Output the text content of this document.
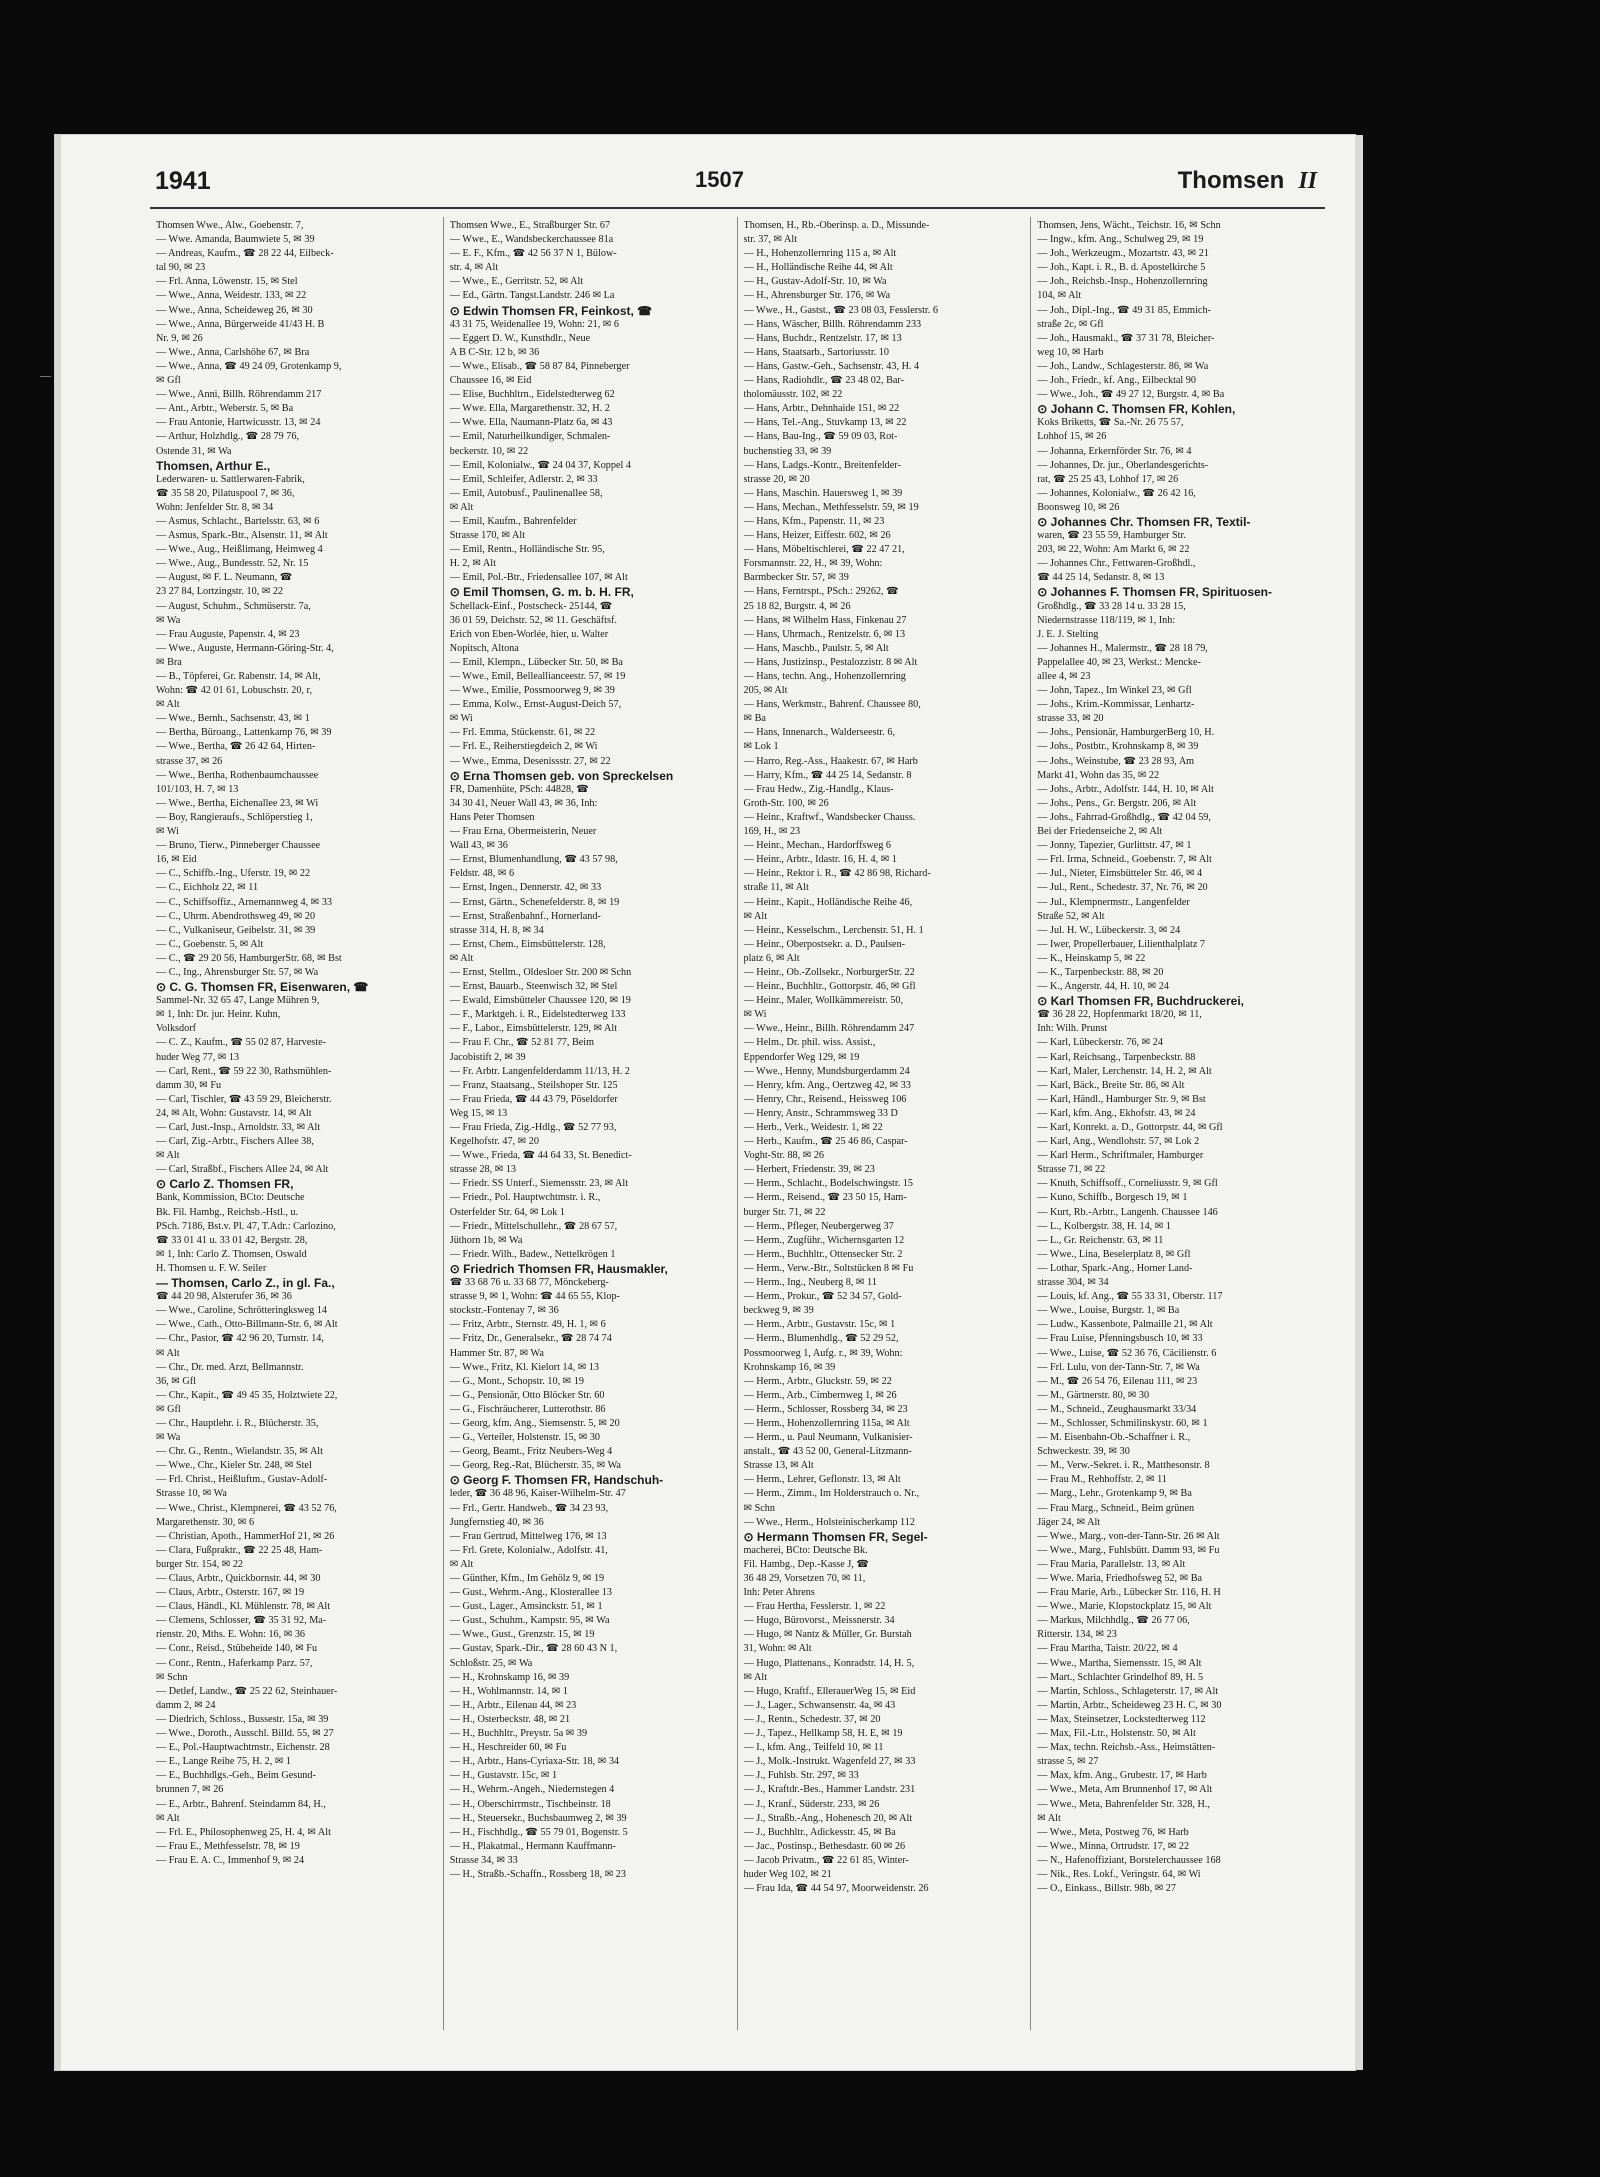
1941	1507	Thomsen II

Thomsen Wwe., Alw., Goebenstr. 7,

— Wwe. Amanda, Baumwiete 5, ✉ 39

— Andreas, Kaufm., ☎ 28 22 44, Eilbeck-

tal 90, ✉ 23

— Frl. Anna, Löwenstr. 15, ✉ Stel

— Wwe., Anna, Weidestr. 133, ✉ 22

— Wwe., Anna, Scheideweg 26, ✉ 30

— Wwe., Anna, Bürgerweide 41/43 H. B

Nr. 9, ✉ 26

— Wwe., Anna, Carlshöhe 67, ✉ Bra

— Wwe., Anna, ☎ 49 24 09, Grotenkamp 9,

✉ Gfl

— Wwe., Anni, Billh. Röhrendamm 217

— Ant., Arbtr., Weberstr. 5, ✉ Ba

— Frau Antonie, Hartwicusstr. 13, ✉ 24

— Arthur, Holzhdlg., ☎ 28 79 76,

Ostende 31, ✉ Wa

Thomsen, Arthur E.,

Lederwaren- u. Sattlerwaren-Fabrik,

☎ 35 58 20, Pilatuspool 7, ✉ 36,

Wohn: Jenfelder Str. 8, ✉ 34

— Asmus, Schlacht., Bartelsstr. 63, ✉ 6

— Asmus, Spark.-Btr., Alsenstr. 11, ✉ Alt

— Wwe., Aug., Heißlimang, Heimweg 4

— Wwe., Aug., Bundesstr. 52, Nr. 15

— August, ✉ F. L. Neumann, ☎

23 27 84, Lortzingstr. 10, ✉ 22

— August, Schuhm., Schmüserstr. 7a,

✉ Wa

— Frau Auguste, Papenstr. 4, ✉ 23

— Wwe., Auguste, Hermann-Göring-Str. 4,

✉ Bra

— B., Töpferei, Gr. Rabenstr. 14, ✉ Alt,

Wohn: ☎ 42 01 61, Lobuschstr. 20, r,

✉ Alt

— Wwe., Bernh., Sachsenstr. 43, ✉ 1

— Bertha, Büroang., Lattenkamp 76, ✉ 39

— Wwe., Bertha, ☎ 26 42 64, Hirten-

strasse 37, ✉ 26

— Wwe., Bertha, Rothenbaumchaussee

101/103, H. 7, ✉ 13

— Wwe., Bertha, Eichenallee 23, ✉ Wi

— Boy, Rangieraufs., Schlöperstieg 1,

✉ Wi

— Bruno, Tierw., Pinneberger Chaussee

16, ✉ Eid

— C., Schiffb.-Ing., Uferstr. 19, ✉ 22

— C., Eichholz 22, ✉ 11

— C., Schiffsoffiz., Arnemannweg 4, ✉ 33

— C., Uhrm. Abendrothsweg 49, ✉ 20

— C., Vulkaniseur, Geibelstr. 31, ✉ 39

— C., Goebenstr. 5, ✉ Alt

— C., ☎ 29 20 56, HamburgerStr. 68, ✉ Bst

— C., Ing., Ahrensburger Str. 57, ✉ Wa

⊙ C. G. Thomsen FR, Eisenwaren, ☎

Sammel-Nr. 32 65 47, Lange Mühren 9,

✉ 1, Inh: Dr. jur. Heinr. Kuhn,

Volksdorf

— C. Z., Kaufm., ☎ 55 02 87, Harveste-

huder Weg 77, ✉ 13

— Carl, Rent., ☎ 59 22 30, Rathsmühlen-

damm 30, ✉ Fu

— Carl, Tischler, ☎ 43 59 29, Bleicherstr.

24, ✉ Alt, Wohn: Gustavstr. 14, ✉ Alt

— Carl, Just.-Insp., Arnoldstr. 33, ✉ Alt

— Carl, Zig.-Arbtr., Fischers Allee 38,

✉ Alt

— Carl, Straßbf., Fischers Allee 24, ✉ Alt

⊙ Carlo Z. Thomsen FR,

Bank, Kommission, BCto: Deutsche

Bk. Fil. Hambg., Reichsb.-Hstl., u.

PSch. 7186, Bst.v. Pl. 47, T.Adr.: Carlozino,

☎ 33 01 41 u. 33 01 42, Bergstr. 28,

✉ 1, Inh: Carlo Z. Thomsen, Oswald

H. Thomsen u. F. W. Seiler

— Thomsen, Carlo Z., in gl. Fa.,

☎ 44 20 98, Alsterufer 36, ✉ 36

— Wwe., Caroline, Schrötteringksweg 14

— Wwe., Cath., Otto-Billmann-Str. 6, ✉ Alt

— Chr., Pastor, ☎ 42 96 20, Turnstr. 14,

✉ Alt

— Chr., Dr. med. Arzt, Bellmannstr.

36, ✉ Gfl

— Chr., Kapit., ☎ 49 45 35, Holztwiete 22,

✉ Gfl

— Chr., Hauptlehr. i. R., Blücherstr. 35,

✉ Wa

— Chr. G., Rentn., Wielandstr. 35, ✉ Alt

— Wwe., Chr., Kieler Str. 248, ✉ Stel

— Frl. Christ., Heißluftm., Gustav-Adolf-

Strasse 10, ✉ Wa

— Wwe., Christ., Klempnerei, ☎ 43 52 76,

Margarethenstr. 30, ✉ 6

— Christian, Apoth., HammerHof 21, ✉ 26

— Clara, Fußpraktr., ☎ 22 25 48, Ham-

burger Str. 154, ✉ 22

— Claus, Arbtr., Quickbornstr. 44, ✉ 30

— Claus, Arbtr., Osterstr. 167, ✉ 19

— Claus, Händl., Kl. Mühlenstr. 78, ✉ Alt

— Clemens, Schlosser, ☎ 35 31 92, Ma-

rienstr. 20, Mths. E. Wohn: 16, ✉ 36

— Conr., Reisd., Stübeheide 140, ✉ Fu

— Conr., Rentn., Haferkamp Parz. 57,

✉ Schn

— Detlef, Landw., ☎ 25 22 62, Steinhauer-

damm 2, ✉ 24

— Diedrich, Schloss., Bussestr. 15a, ✉ 39

— Wwe., Doroth., Ausschl. Billd. 55, ✉ 27

— E., Pol.-Hauptwachtmstr., Eichenstr. 28

— E., Lange Reihe 75, H. 2, ✉ 1

— E., Buchhdlgs.-Geh., Beim Gesund-

brunnen 7, ✉ 26

— E., Arbtr., Bahrenf. Steindamm 84, H.,

✉ Alt

— Frl. E., Philosophenweg 25, H. 4, ✉ Alt

— Frau E., Methfesselstr. 78, ✉ 19

— Frau E. A. C., Immenhof 9, ✉ 24

Thomsen Wwe., E., Straßburger Str. 67

— Wwe., E., Wandsbeckerchaussee 81a

— E. F., Kfm., ☎ 42 56 37 N 1, Bülow-

str. 4, ✉ Alt

— Wwe., E., Gerritstr. 52, ✉ Alt

— Ed., Gärtn. Tangst.Landstr. 246 ✉ La

⊙ Edwin Thomsen FR, Feinkost, ☎

43 31 75, Weidenallee 19, Wohn: 21, ✉ 6

— Eggert D. W., Kunsthdlr., Neue

A B C-Str. 12 b, ✉ 36

— Wwe., Elisab., ☎ 58 87 84, Pinneberger

Chaussee 16, ✉ Eid

— Elise, Buchhltrn., Eidelstedterweg 62

— Wwe. Ella, Margarethenstr. 32, H. 2

— Wwe. Ella, Naumann-Platz 6a, ✉ 43

— Emil, Naturheilkundiger, Schmalen-

beckerstr. 10, ✉ 22

— Emil, Kolonialw., ☎ 24 04 37, Koppel 4

— Emil, Schleifer, Adlerstr. 2, ✉ 33

— Emil, Autobusf., Paulinenallee 58,

✉ Alt

— Emil, Kaufm., Bahrenfelder

Strasse 170, ✉ Alt

— Emil, Rentn., Holländische Str. 95,

H. 2, ✉ Alt

— Emil, Pol.-Btr., Friedensallee 107, ✉ Alt

⊙ Emil Thomsen, G. m. b. H. FR,

Schellack-Einf., Postscheck- 25144, ☎

36 01 59, Deichstr. 52, ✉ 11. Geschäftsf.

Erich von Eben-Worlée, hier, u. Walter

Nopitsch, Altona

— Emil, Klempn., Lübecker Str. 50, ✉ Ba

— Wwe., Emil, Belleallianceestr. 57, ✉ 19

— Wwe., Emilie, Possmoorweg 9, ✉ 39

— Emma, Kolw., Ernst-August-Deich 57,

✉ Wi

— Frl. Emma, Stückenstr. 61, ✉ 22

— Frl. E., Reiherstiegdeich 2, ✉ Wi

— Wwe., Emma, Desenissstr. 27, ✉ 22

⊙ Erna Thomsen geb. von Spreckelsen

FR, Damenhüte, PSch: 44828, ☎

34 30 41, Neuer Wall 43, ✉ 36, Inh:

Hans Peter Thomsen

— Frau Erna, Obermeisterin, Neuer

Wall 43, ✉ 36

— Ernst, Blumenhandlung, ☎ 43 57 98,

Feldstr. 48, ✉ 6

— Ernst, Ingen., Dennerstr. 42, ✉ 33

— Ernst, Gärtn., Schenefelderstr. 8, ✉ 19

— Ernst, Straßenbahnf., Hornerland-

strasse 314, H. 8, ✉ 34

— Ernst, Chem., Eimsbüttelerstr. 128,

✉ Alt

— Ernst, Stellm., Oldesloer Str. 200 ✉ Schn

— Ernst, Bauarb., Steenwisch 32, ✉ Stel

— Ewald, Eimsbütteler Chaussee 120, ✉ 19

— F., Marktgeh. i. R., Eidelstedterweg 133

— F., Labor., Eimsbüttelerstr. 129, ✉ Alt

— Frau F. Chr., ☎ 52 81 77, Beim

Jacobistift 2, ✉ 39

— Fr. Arbtr. Langenfelderdamm 11/13, H. 2

— Franz, Staatsang., Steilshoper Str. 125

— Frau Frieda, ☎ 44 43 79, Pöseldorfer

Weg 15, ✉ 13

— Frau Frieda, Zig.-Hdlg., ☎ 52 77 93,

Kegelhofstr. 47, ✉ 20

— Wwe., Frieda, ☎ 44 64 33, St. Benedict-

strasse 28, ✉ 13

— Friedr. SS Unterf., Siemensstr. 23, ✉ Alt

— Friedr., Pol. Hauptwchtmstr. i. R.,

Osterfelder Str. 64, ✉ Lok 1

— Friedr., Mittelschullehr., ☎ 28 67 57,

Jüthorn 1b, ✉ Wa

— Friedr. Wilh., Badew., Nettelkrögen 1

⊙ Friedrich Thomsen FR, Hausmakler,

☎ 33 68 76 u. 33 68 77, Mönckeberg-

strasse 9, ✉ 1, Wohn: ☎ 44 65 55, Klop-

stockstr.-Fontenay 7, ✉ 36

— Fritz, Arbtr., Sternstr. 49, H. 1, ✉ 6

— Fritz, Dr., Generalsekr., ☎ 28 74 74

Hammer Str. 87, ✉ Wa

— Wwe., Fritz, Kl. Kielort 14, ✉ 13

— G., Mont., Schopstr. 10, ✉ 19

— G., Pensionär, Otto Blöcker Str. 60

— G., Fischräucherer, Lutterothstr. 86

— Georg, kfm. Ang., Siemsenstr. 5, ✉ 20

— G., Verteiler, Holstenstr. 15, ✉ 30

— Georg, Beamt., Fritz Neubers-Weg 4

— Georg, Reg.-Rat, Blücherstr. 35, ✉ Wa

⊙ Georg F. Thomsen FR, Handschuh-

leder, ☎ 36 48 96, Kaiser-Wilhelm-Str. 47

— Frl., Gertr. Handweb., ☎ 34 23 93,

Jungfernstieg 40, ✉ 36

— Frau Gertrud, Mittelweg 176, ✉ 13

— Frl. Grete, Kolonialw., Adolfstr. 41,

✉ Alt

— Günther, Kfm., Im Gehölz 9, ✉ 19

— Gust., Wehrm.-Ang., Klosterallee 13

— Gust., Lager., Amsinckstr. 51, ✉ 1

— Gust., Schuhm., Kampstr. 95, ✉ Wa

— Wwe., Gust., Grenzstr. 15, ✉ 19

— Gustav, Spark.-Dir., ☎ 28 60 43 N 1,

Schloßstr. 25, ✉ Wa

— H., Krohnskamp 16, ✉ 39

— H., Wohlmannstr. 14, ✉ 1

— H., Arbtr., Eilenau 44, ✉ 23

— H., Osterbeckstr. 48, ✉ 21

— H., Buchhltr., Preystr. 5a ✉ 39

— H., Heschreider 60, ✉ Fu

— H., Arbtr., Hans-Cyriaxa-Str. 18, ✉ 34

— H., Gustavstr. 15c, ✉ 1

— H., Wehrm.-Angeh., Niedernstegen 4

— H., Oberschirrmstr., Tischbeinstr. 18

— H., Steuersekr., Buchsbaumweg 2, ✉ 39

— H., Fischhdlg., ☎ 55 79 01, Bogenstr. 5

— H., Plakatmal., Hermann Kauffmann-

Strasse 34, ✉ 33

— H., Straßb.-Schaffn., Rossberg 18, ✉ 23

Thomsen, H., Rb.-Oberinsp. a. D., Missunde-

str. 37, ✉ Alt

— H., Hohenzollernring 115 a, ✉ Alt

— H., Holländische Reihe 44, ✉ Alt

— H., Gustav-Adolf-Str. 10, ✉ Wa

— H., Ahrensburger Str. 176, ✉ Wa

— Wwe., H., Gastst., ☎ 23 08 03, Fesslerstr. 6

— Hans, Wäscher, Billh. Röhrendamm 233

— Hans, Buchdr., Rentzelstr. 17, ✉ 13

— Hans, Staatsarb., Sartoriusstr. 10

— Hans, Gastw.-Geh., Sachsenstr. 43, H. 4

— Hans, Radiohdlr., ☎ 23 48 02, Bar-

tholomäusstr. 102, ✉ 22

— Hans, Arbtr., Dehnhaide 151, ✉ 22

— Hans, Tel.-Ang., Stuvkamp 13, ✉ 22

— Hans, Bau-Ing., ☎ 59 09 03, Rot-

buchenstieg 33, ✉ 39

— Hans, Ladgs.-Kontr., Breitenfelder-

strasse 20, ✉ 20

— Hans, Maschin. Hauersweg 1, ✉ 39

— Hans, Mechan., Methfesselstr. 59, ✉ 19

— Hans, Kfm., Papenstr. 11, ✉ 23

— Hans, Heizer, Eiffestr. 602, ✉ 26

— Hans, Möbeltischlerei, ☎ 22 47 21,

Forsmannstr. 22, H., ✉ 39, Wohn:

Barmbecker Str. 57, ✉ 39

— Hans, Ferntrspt., PSch.: 29262, ☎

25 18 82, Burgstr. 4, ✉ 26

— Hans, ✉ Wilhelm Hass, Finkenau 27

— Hans, Uhrmach., Rentzelstr. 6, ✉ 13

— Hans, Maschb., Paulstr. 5, ✉ Alt

— Hans, Justizinsp., Pestalozzistr. 8 ✉ Alt

— Hans, techn. Ang., Hohenzollernring

205, ✉ Alt

— Hans, Werkmstr., Bahrenf. Chaussee 80,

✉ Ba

— Hans, Innenarch., Walderseestr. 6,

✉ Lok 1

— Harro, Reg.-Ass., Haakestr. 67, ✉ Harb

— Harry, Kfm., ☎ 44 25 14, Sedanstr. 8

— Frau Hedw., Zig.-Handlg., Klaus-

Groth-Str. 100, ✉ 26

— Heinr., Kraftwf., Wandsbecker Chauss.

169, H., ✉ 23

— Heinr., Mechan., Hardorffsweg 6

— Heinr., Arbtr., Idastr. 16, H. 4, ✉ 1

— Heinr., Rektor i. R., ☎ 42 86 98, Richard-

straße 11, ✉ Alt

— Heinr., Kapit., Holländische Reihe 46,

✉ Alt

— Heinr., Kesselschm., Lerchenstr. 51, H. 1

— Heinr., Oberpostsekr. a. D., Paulsen-

platz 6, ✉ Alt

— Heinr., Ob.-Zollsekr., NorburgerStr. 22

— Heinr., Buchhltr., Gottorpstr. 46, ✉ Gfl

— Heinr., Maler, Wollkämmereistr. 50,

✉ Wi

— Wwe., Heinr., Billh. Röhrendamm 247

— Helm., Dr. phil. wiss. Assist.,

Eppendorfer Weg 129, ✉ 19

— Wwe., Henny, Mundsburgerdamm 24

— Henry, kfm. Ang., Oertzweg 42, ✉ 33

— Henry, Chr., Reisend., Heissweg 106

— Henry, Anstr., Schrammsweg 33 D

— Herb., Verk., Weidestr. 1, ✉ 22

— Herb., Kaufm., ☎ 25 46 86, Caspar-

Voght-Str. 88, ✉ 26

— Herbert, Friedenstr. 39, ✉ 23

— Herm., Schlacht., Bodelschwingstr. 15

— Herm., Reisend., ☎ 23 50 15, Ham-

burger Str. 71, ✉ 22

— Herm., Pfleger, Neubergerweg 37

— Herm., Zugführ., Wichernsgarten 12

— Herm., Buchhltr., Ottensecker Str. 2

— Herm., Verw.-Btr., Soltstücken 8 ✉ Fu

— Herm., Ing., Neuberg 8, ✉ 11

— Herm., Prokur., ☎ 52 34 57, Gold-

beckweg 9, ✉ 39

— Herm., Arbtr., Gustavstr. 15c, ✉ 1

— Herm., Blumenhdlg., ☎ 52 29 52,

Possmoorweg 1, Aufg. r., ✉ 39, Wohn:

Krohnskamp 16, ✉ 39

— Herm., Arbtr., Gluckstr. 59, ✉ 22

— Herm., Arb., Cimbernweg 1, ✉ 26

— Herm., Schlosser, Rossberg 34, ✉ 23

— Herm., Hohenzollernring 115a, ✉ Alt

— Herm., u. Paul Neumann, Vulkanisier-

anstalt., ☎ 43 52 00, General-Litzmann-

Strasse 13, ✉ Alt

— Herm., Lehrer, Geflonstr. 13, ✉ Alt

— Herm., Zimm., Im Holderstrauch o. Nr.,

✉ Schn

— Wwe., Herm., Holsteinischerkamp 112

⊙ Hermann Thomsen FR, Segel-

macherei, BCto: Deutsche Bk.

Fil. Hambg., Dep.-Kasse J, ☎

36 48 29, Vorsetzen 70, ✉ 11,

Inh: Peter Ahrens

— Frau Hertha, Fesslerstr. 1, ✉ 22

— Hugo, Bürovorst., Meissnerstr. 34

— Hugo, ✉ Nantz & Müller, Gr. Burstah

31, Wohn: ✉ Alt

— Hugo, Plattenans., Konradstr. 14, H. 5,

✉ Alt

— Hugo, Kraftf., EllerauerWeg 15, ✉ Eid

— J., Lager., Schwansenstr. 4a, ✉ 43

— J., Rentn., Schedestr. 37, ✉ 20

— J., Tapez., Hellkamp 58, H. E, ✉ 19

— I., kfm. Ang., Teilfeld 10, ✉ 11

— J., Molk.-Instrukt. Wagenfeld 27, ✉ 33

— J., Fuhlsb. Str. 297, ✉ 33

— J., Kraftdr.-Bes., Hammer Landstr. 231

— J., Kranf., Süderstr. 233, ✉ 26

— J., Straßb.-Ang., Hohenesch 20, ✉ Alt

— J., Buchhltr., Adickesstr. 45, ✉ Ba

— Jac., Postinsp., Bethesdastr. 60 ✉ 26

— Jacob Privatm., ☎ 22 61 85, Winter-

huder Weg 102, ✉ 21

— Frau Ida, ☎ 44 54 97, Moorweidenstr. 26

Thomsen, Jens, Wächt., Teichstr. 16, ✉ Schn

— Ingw., kfm. Ang., Schulweg 29, ✉ 19

— Joh., Werkzeugm., Mozartstr. 43, ✉ 21

— Joh., Kapt. i. R., B. d. Apostelkirche 5

— Joh., Reichsb.-Insp., Hohenzollernring

104, ✉ Alt

— Joh., Dipl.-Ing., ☎ 49 31 85, Emmich-

straße 2c, ✉ Gfl

— Joh., Hausmakl., ☎ 37 31 78, Bleicher-

weg 10, ✉ Harb

— Joh., Landw., Schlagesterstr. 86, ✉ Wa

— Joh., Friedr., kf. Ang., Eilbecktal 90

— Wwe., Joh., ☎ 49 27 12, Burgstr. 4, ✉ Ba

⊙ Johann C. Thomsen FR, Kohlen,

Koks Briketts, ☎ Sa.-Nr. 26 75 57,

Lohhof 15, ✉ 26

— Johanna, Erkernförder Str. 76, ✉ 4

— Johannes, Dr. jur., Oberlandesgerichts-

rat, ☎ 25 25 43, Lohhof 17, ✉ 26

— Johannes, Kolonialw., ☎ 26 42 16,

Boonsweg 10, ✉ 26

⊙ Johannes Chr. Thomsen FR, Textil-

waren, ☎ 23 55 59, Hamburger Str.

203, ✉ 22, Wohn: Am Markt 6, ✉ 22

— Johannes Chr., Fettwaren-Großhdl.,

☎ 44 25 14, Sedanstr. 8, ✉ 13

⊙ Johannes F. Thomsen FR, Spirituosen-

Großhdlg., ☎ 33 28 14 u. 33 28 15,

Niedernstrasse 118/119, ✉ 1, Inh:

J. E. J. Stelting

— Johannes H., Malermstr., ☎ 28 18 79,

Pappelallee 40, ✉ 23, Werkst.: Mencke-

allee 4, ✉ 23

— John, Tapez., Im Winkel 23, ✉ Gfl

— Johs., Krim.-Kommissar, Lenhartz-

strasse 33, ✉ 20

— Johs., Pensionär, HamburgerBerg 10, H.

— Johs., Postbtr., Krohnskamp 8, ✉ 39

— Johs., Weinstube, ☎ 23 28 93, Am

Markt 41, Wohn das 35, ✉ 22

— Johs., Arbtr., Adolfstr. 144, H. 10, ✉ Alt

— Johs., Pens., Gr. Bergstr. 206, ✉ Alt

— Johs., Fahrrad-Großhdlg., ☎ 42 04 59,

Bei der Friedenseiche 2, ✉ Alt

— Jonny, Tapezier, Gurlittstr. 47, ✉ 1

— Frl. Irma, Schneid., Goebenstr. 7, ✉ Alt

— Jul., Nieter, Eimsbütteler Str. 46, ✉ 4

— Jul., Rent., Schedestr. 37, Nr. 76, ✉ 20

— Jul., Klempnermstr., Langenfelder

Straße 52, ✉ Alt

— Jul. H. W., Lübeckerstr. 3, ✉ 24

— Iwer, Propellerbauer, Lilienthalplatz 7

— K., Heinskamp 5, ✉ 22

— K., Tarpenbeckstr. 88, ✉ 20

— K., Angerstr. 44, H. 10, ✉ 24

⊙ Karl Thomsen FR, Buchdruckerei,

☎ 36 28 22, Hopfenmarkt 18/20, ✉ 11,

Inh: Wilh. Prunst

— Karl, Lübeckerstr. 76, ✉ 24

— Karl, Reichsang., Tarpenbeckstr. 88

— Karl, Maler, Lerchenstr. 14, H. 2, ✉ Alt

— Karl, Bäck., Breite Str. 86, ✉ Alt

— Karl, Händl., Hamburger Str. 9, ✉ Bst

— Karl, kfm. Ang., Ekhofstr. 43, ✉ 24

— Karl, Konrekt. a. D., Gottorpstr. 44, ✉ Gfl

— Karl, Ang., Wendlohstr. 57, ✉ Lok 2

— Karl Herm., Schriftmaler, Hamburger

Strasse 71, ✉ 22

— Knuth, Schiffsoff., Corneliusstr. 9, ✉ Gfl

— Kuno, Schiffb., Borgesch 19, ✉ 1

— Kurt, Rb.-Arbtr., Langenh. Chaussee 146

— L., Kolbergstr. 38, H. 14, ✉ 1

— L., Gr. Reichenstr. 63, ✉ 11

— Wwe., Lina, Beselerplatz 8, ✉ Gfl

— Lothar, Spark.-Ang., Horner Land-

strasse 304, ✉ 34

— Louis, kf. Ang., ☎ 55 33 31, Oberstr. 117

— Wwe., Louise, Burgstr. 1, ✉ Ba

— Ludw., Kassenbote, Palmaille 21, ✉ Alt

— Frau Luise, Pfenningsbusch 10, ✉ 33

— Wwe., Luise, ☎ 52 36 76, Cäcilienstr. 6

— Frl. Lulu, von der-Tann-Str. 7, ✉ Wa

— M., ☎ 26 54 76, Eilenau 111, ✉ 23

— M., Gärtnerstr. 80, ✉ 30

— M., Schneid., Zeughausmarkt 33/34

— M., Schlosser, Schmilinskystr. 60, ✉ 1

— M. Eisenbahn-Ob.-Schaffner i. R.,

Schweckestr. 39, ✉ 30

— M., Verw.-Sekret. i. R., Matthesonstr. 8

— Frau M., Rehhoffstr. 2, ✉ 11

— Marg., Lehr., Grotenkamp 9, ✉ Ba

— Frau Marg., Schneid., Beim grünen

Jäger 24, ✉ Alt

— Wwe., Marg., von-der-Tann-Str. 26 ✉ Alt

— Wwe., Marg., Fuhlsbütt. Damm 93, ✉ Fu

— Frau Maria, Parallelstr. 13, ✉ Alt

— Wwe. Maria, Friedhofsweg 52, ✉ Ba

— Frau Marie, Arb., Lübecker Str. 116, H. H

— Wwe., Marie, Klopstockplatz 15, ✉ Alt

— Markus, Milchhdlg., ☎ 26 77 06,

Ritterstr. 134, ✉ 23

— Frau Martha, Taistr. 20/22, ✉ 4

— Wwe., Martha, Siemensstr. 15, ✉ Alt

— Mart., Schlachter Grindelhof 89, H. 5

— Martin, Schloss., Schlageterstr. 17, ✉ Alt

— Martin, Arbtr., Scheideweg 23 H. C, ✉ 30

— Max, Steinsetzer, Lockstedterweg 112

— Max, Fil.-Ltr., Holstenstr. 50, ✉ Alt

— Max, techn. Reichsb.-Ass., Heimstätten-

strasse 5, ✉ 27

— Max, kfm. Ang., Grubestr. 17, ✉ Harb

— Wwe., Meta, Am Brunnenhof 17, ✉ Alt

— Wwe., Meta, Bahrenfelder Str. 328, H.,

✉ Alt

— Wwe., Meta, Postweg 76, ✉ Harb

— Wwe., Minna, Ortrudstr. 17, ✉ 22

— N., Hafenoffiziant, Borstelerchaussee 168

— Nik., Res. Lokf., Veringstr. 64, ✉ Wi

— O., Einkass., Billstr. 98b, ✉ 27

—
